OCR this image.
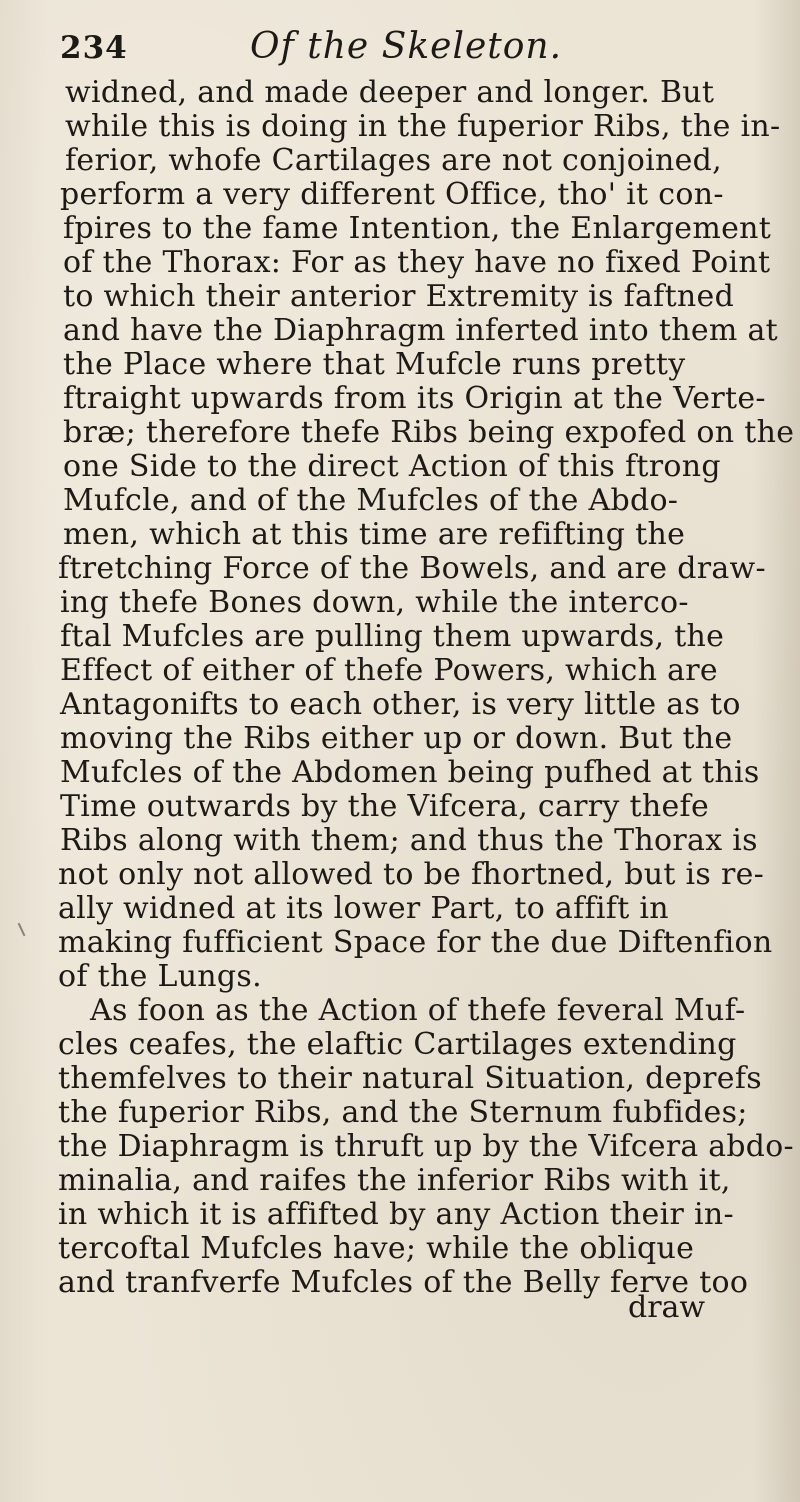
234	Of the Skeleton.
widned, and made deeper and longer. But
while this is doing in the fuperior Ribs, the in-
ferior, whofe Cartilages are not conjoined,
perform a very different Office, tho' it con-
fpires to the fame Intention, the Enlargement
of the Thorax: For as they have no fixed Point
to which their anterior Extremity is faftned
and have the Diaphragm inferted into them at
the Place where that Mufcle runs pretty
ftraight upwards from its Origin at the Verte-
bræ; therefore thefe Ribs being expofed on the
one Side to the direct Action of this ftrong
Mufcle, and of the Mufcles of the Abdo-
men, which at this time are refifting the
ftretching Force of the Bowels, and are draw-
ing thefe Bones down, while the interco-
ftal Mufcles are pulling them upwards, the
Effect of either of thefe Powers, which are
Antagonifts to each other, is very little as to
moving the Ribs either up or down. But the
Mufcles of the Abdomen being pufhed at this
Time outwards by the Vifcera, carry thefe
Ribs along with them; and thus the Thorax is
not only not allowed to be fhortned, but is re-
ally widned at its lower Part, to affift in
making fufficient Space for the due Diftenfion
of the Lungs.
As foon as the Action of thefe feveral Muf-
cles ceafes, the elaftic Cartilages extending
themfelves to their natural Situation, deprefs
the fuperior Ribs, and the Sternum fubfides;
the Diaphragm is thruft up by the Vifcera abdo-
minalia, and raifes the inferior Ribs with it,
in which it is affifted by any Action their in-
tercoftal Mufcles have; while the oblique
and tranfverfe Mufcles of the Belly ferve too
draw
